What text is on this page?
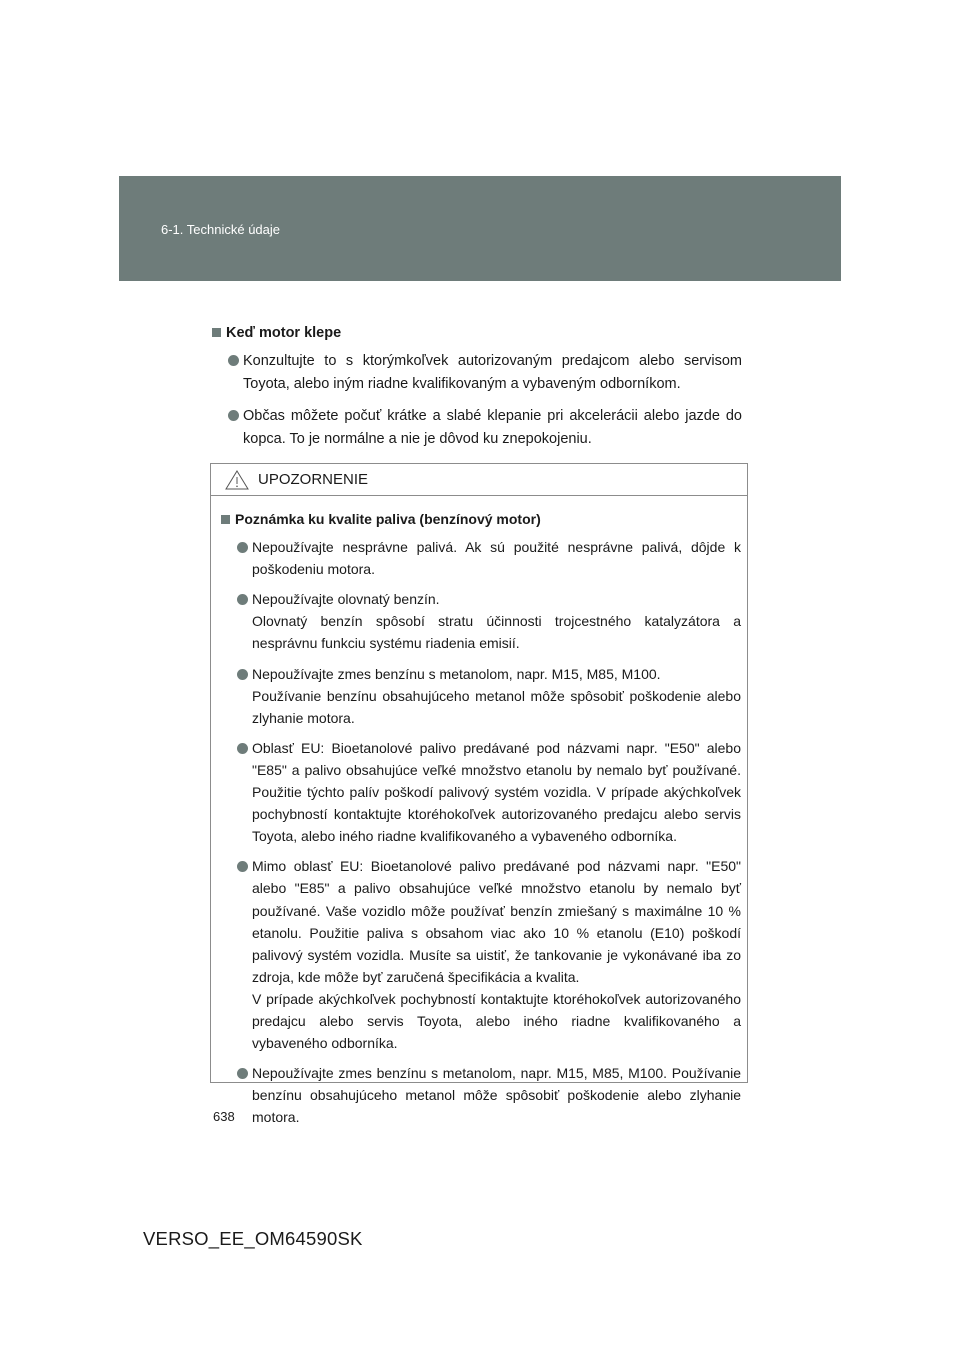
6-1. Technické údaje
Keď motor klepe
Konzultujte to s ktorýmkoľvek autorizovaným predajcom alebo servisom Toyota, alebo iným riadne kvalifikovaným a vybaveným odborníkom.
Občas môžete počuť krátke a slabé klepanie pri akcelerácii alebo jazde do kopca. To je normálne a nie je dôvod ku znepokojeniu.
UPOZORNENIE
Poznámka ku kvalite paliva (benzínový motor)
Nepoužívajte nesprávne palivá. Ak sú použité nesprávne palivá, dôjde k poškodeniu motora.
Nepoužívajte olovnatý benzín.
Olovnatý benzín spôsobí stratu účinnosti trojcestného katalyzátora a nesprávnu funkciu systému riadenia emisií.
Nepoužívajte zmes benzínu s metanolom, napr. M15, M85, M100.
Používanie benzínu obsahujúceho metanol môže spôsobiť poškodenie alebo zlyhanie motora.
Oblasť EU: Bioetanolové palivo predávané pod názvami napr. "E50" alebo "E85" a palivo obsahujúce veľké množstvo etanolu by nemalo byť používané. Použitie týchto palív poškodí palivový systém vozidla. V prípade akýchkoľvek pochybností kontaktujte ktoréhokoľvek autorizovaného predajcu alebo servis Toyota, alebo iného riadne kvalifikovaného a vybaveného odborníka.
Mimo oblasť EU: Bioetanolové palivo predávané pod názvami napr. "E50" alebo "E85" a palivo obsahujúce veľké množstvo etanolu by nemalo byť používané. Vaše vozidlo môže používať benzín zmiešaný s maximálne 10 % etanolu. Použitie paliva s obsahom viac ako 10 % etanolu (E10) poškodí palivový systém vozidla. Musíte sa uistiť, že tankovanie je vykonávané iba zo zdroja, kde môže byť zaručená špecifikácia a kvalita.
V prípade akýchkoľvek pochybností kontaktujte ktoréhokoľvek autorizovaného predajcu alebo servis Toyota, alebo iného riadne kvalifikovaného a vybaveného odborníka.
Nepoužívajte zmes benzínu s metanolom, napr. M15, M85, M100. Používanie benzínu obsahujúceho metanol môže spôsobiť poškodenie alebo zlyhanie motora.
638
VERSO_EE_OM64590SK
